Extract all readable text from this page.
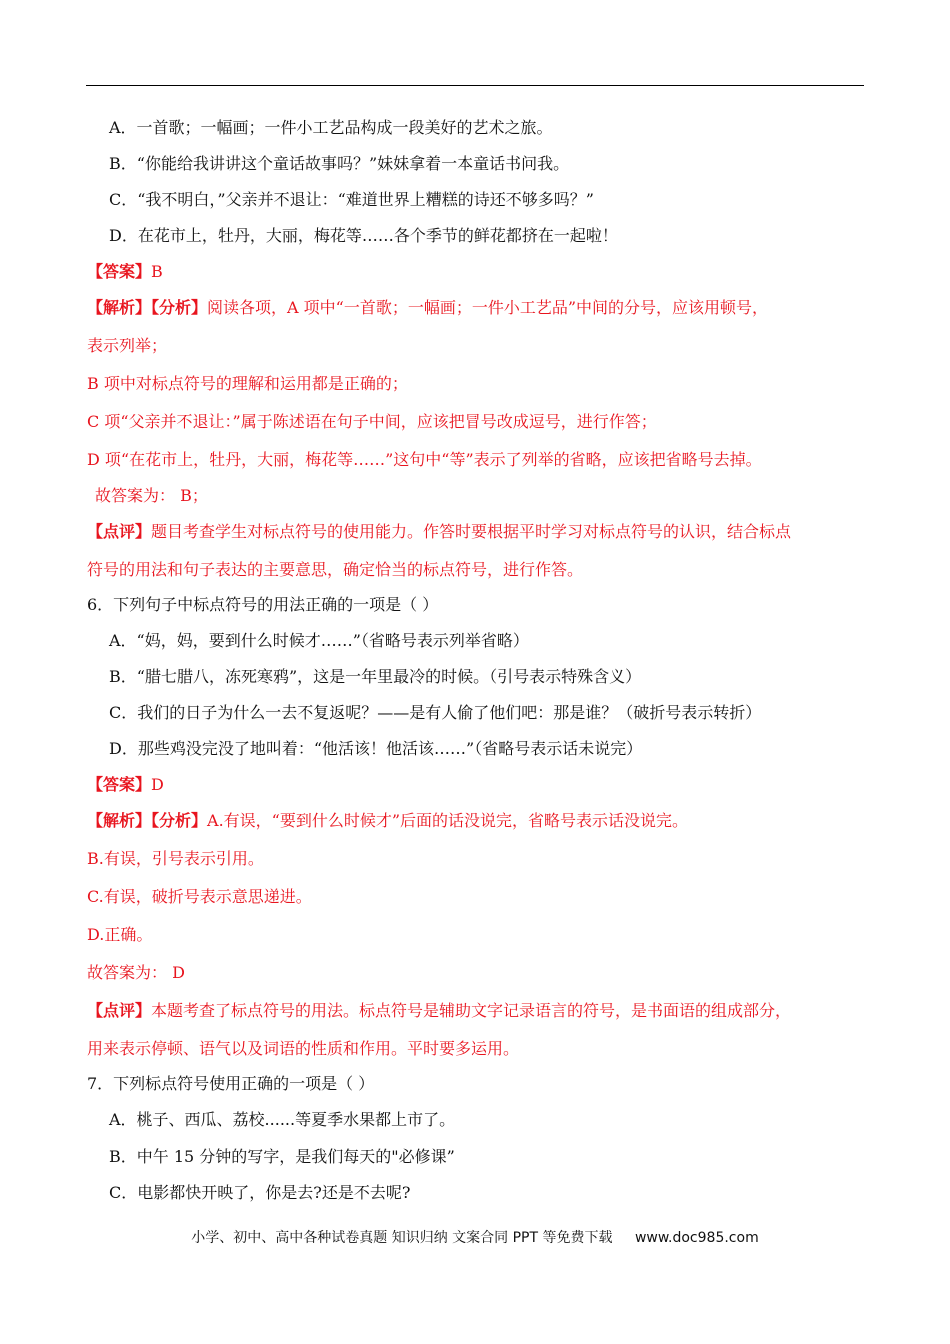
A．一首歌；一幅画；一件小工艺品构成一段美好的艺术之旅。
B．“你能给我讲讲这个童话故事吗？”妹妹拿着一本童话书问我。
C．“我不明白，”父亲并不退让：“难道世界上糟糕的诗还不够多吗？”
D．在花市上，牡丹，大丽，梅花等……各个季节的鲜花都挤在一起啦！
【答案】B
【解析】【分析】阅读各项，A 项中“一首歌；一幅画；一件小工艺品”中间的分号，应该用顿号，
表示列举；
B 项中对标点符号的理解和运用都是正确的；
C 项“父亲并不退让：”属于陈述语在句子中间，应该把冒号改成逗号，进行作答；
D 项“在花市上，牡丹，大丽，梅花等……”这句中“等”表示了列举的省略，应该把省略号去掉。
故答案为： B；
【点评】题目考查学生对标点符号的使用能力。作答时要根据平时学习对标点符号的认识，结合标点
符号的用法和句子表达的主要意思，确定恰当的标点符号，进行作答。
6．下列句子中标点符号的用法正确的一项是（ ）
A．“妈，妈，要到什么时候才……”（省略号表示列举省略）
B．“腊七腊八，冻死寒鸦”，这是一年里最冷的时候。（引号表示特殊含义）
C．我们的日子为什么一去不复返呢？——是有人偷了他们吧：那是谁？（破折号表示转折）
D．那些鸡没完没了地叫着：“他活该！他活该……”（省略号表示话未说完）
【答案】D
【解析】【分析】A.有误，“要到什么时候才”后面的话没说完，省略号表示话没说完。
B.有误，引号表示引用。
C.有误，破折号表示意思递进。
D.正确。
故答案为： D
【点评】本题考查了标点符号的用法。标点符号是辅助文字记录语言的符号，是书面语的组成部分，
用来表示停顿、语气以及词语的性质和作用。平时要多运用。
7．下列标点符号使用正确的一项是（ ）
A．桃子、西瓜、荔校......等夏季水果都上市了。
B．中午 15 分钟的写字，是我们每天的"必修课”
C．电影都快开映了，你是去?还是不去呢?
小学、初中、高中各种试卷真题 知识归纳 文案合同 PPT 等免费下载 www.doc985.com
